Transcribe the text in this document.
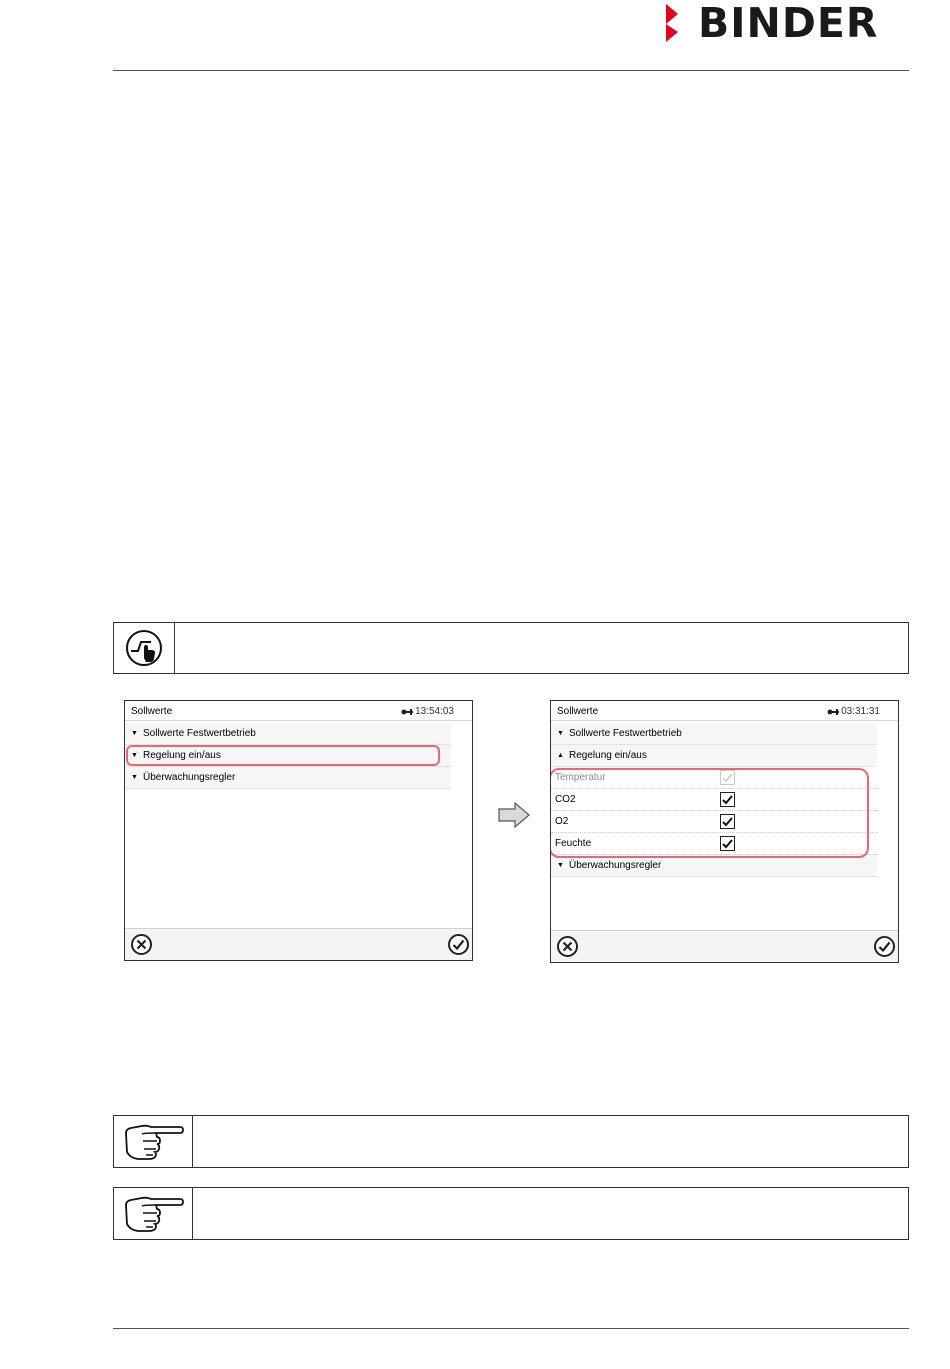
BINDER
Sollwerte	13:54:03
▼ Sollwerte Festwertbetrieb
▼ Regelung ein/aus
▼ Überwachungsregler
Sollwerte	03:31:31
▼ Sollwerte Festwertbetrieb
▲ Regelung ein/aus
Temperatur
CO2
O2
Feuchte
▼ Überwachungsregler
